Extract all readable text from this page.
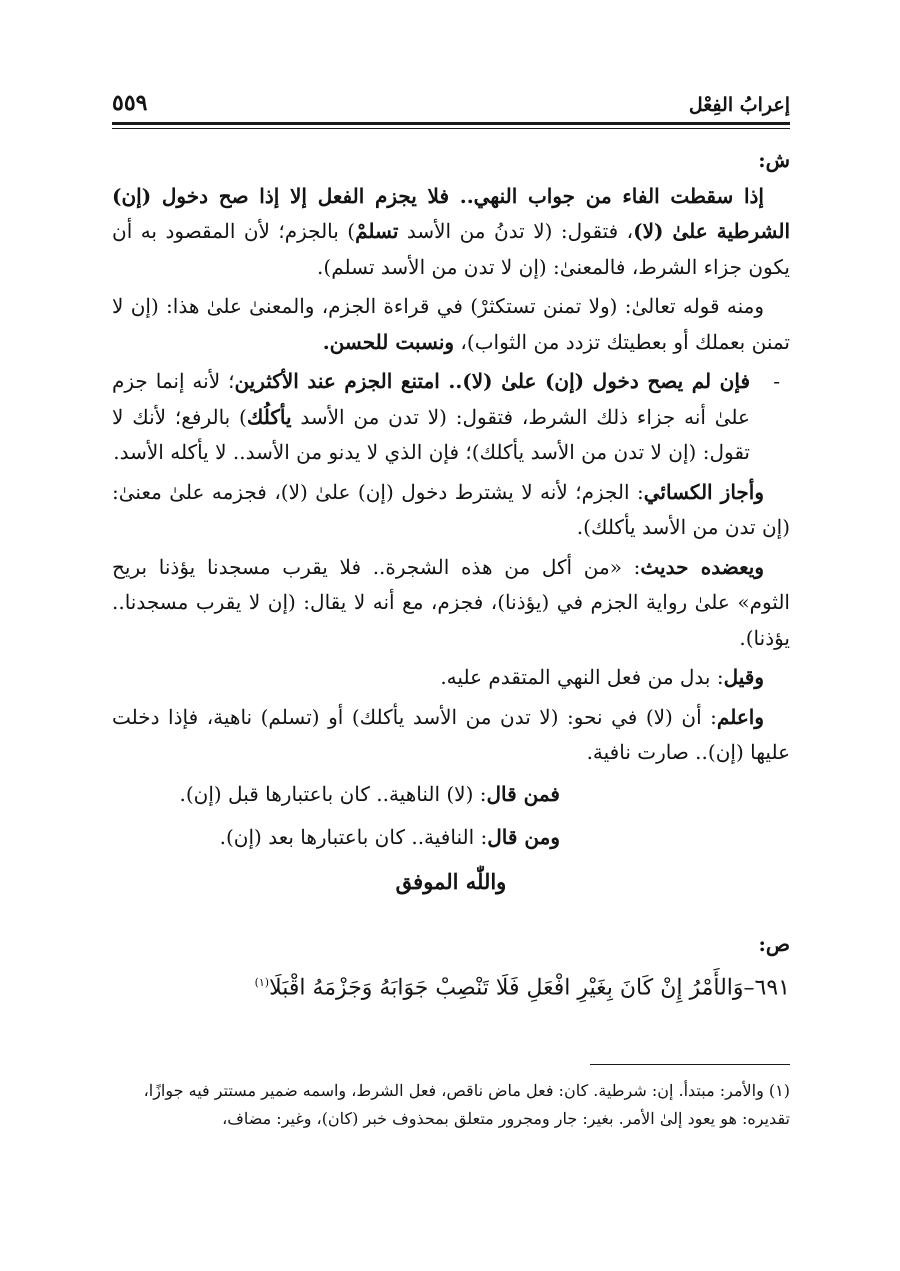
إعرابُ الفِعْل
٥٥٩

ش:

إذا سقطت الفاء من جواب النهي.. فلا يجزم الفعل إلا إذا صح دخول (إن) الشرطية علىٰ (لا)، فتقول: (لا تدنُ من الأسد تسلمْ) بالجزم؛ لأن المقصود به أن يكون جزاء الشرط، فالمعنىٰ: (إن لا تدن من الأسد تسلم).

ومنه قوله تعالىٰ: (ولا تمنن تستكثرْ) في قراءة الجزم، والمعنىٰ علىٰ هذا: (إن لا تمنن بعملك أو بعطيتك تزدد من الثواب)، ونسبت للحسن.

-
فإن لم يصح دخول (إن) علىٰ (لا).. امتنع الجزم عند الأكثرين؛ لأنه إنما جزم علىٰ أنه جزاء ذلك الشرط، فتقول: (لا تدن من الأسد يأكلُك) بالرفع؛ لأنك لا تقول: (إن لا تدن من الأسد يأكلك)؛ فإن الذي لا يدنو من الأسد.. لا يأكله الأسد.

وأجاز الكسائي: الجزم؛ لأنه لا يشترط دخول (إن) علىٰ (لا)، فجزمه علىٰ معنىٰ: (إن تدن من الأسد يأكلك).

ويعضده حديث: «من أكل من هذه الشجرة.. فلا يقرب مسجدنا يؤذنا بريح الثوم» علىٰ رواية الجزم في (يؤذنا)، فجزم، مع أنه لا يقال: (إن لا يقرب مسجدنا.. يؤذنا).

وقيل: بدل من فعل النهي المتقدم عليه.

واعلم: أن (لا) في نحو: (لا تدن من الأسد يأكلك) أو (تسلم) ناهية، فإذا دخلت عليها (إن).. صارت نافية.

فمن قال: (لا) الناهية.. كان باعتبارها قبل (إن).

ومن قال: النافية.. كان باعتبارها بعد (إن).

واللّٰه الموفق

ص:

٦٩١–وَالأَمْرُ إِنْ كَانَ بِغَيْرِ افْعَلِ فَلَا تَنْصِبْ جَوَابَهُ وَجَزْمَهُ اقْبَلَا$^{(١)}$

(١) والأمر: مبتدأ. إن: شرطية. كان: فعل ماض ناقص، فعل الشرط، واسمه ضمير مستتر فيه جوازًا،

تقديره: هو يعود إلىٰ الأمر. بغير: جار ومجرور متعلق بمحذوف خبر (كان)، وغير: مضاف،
